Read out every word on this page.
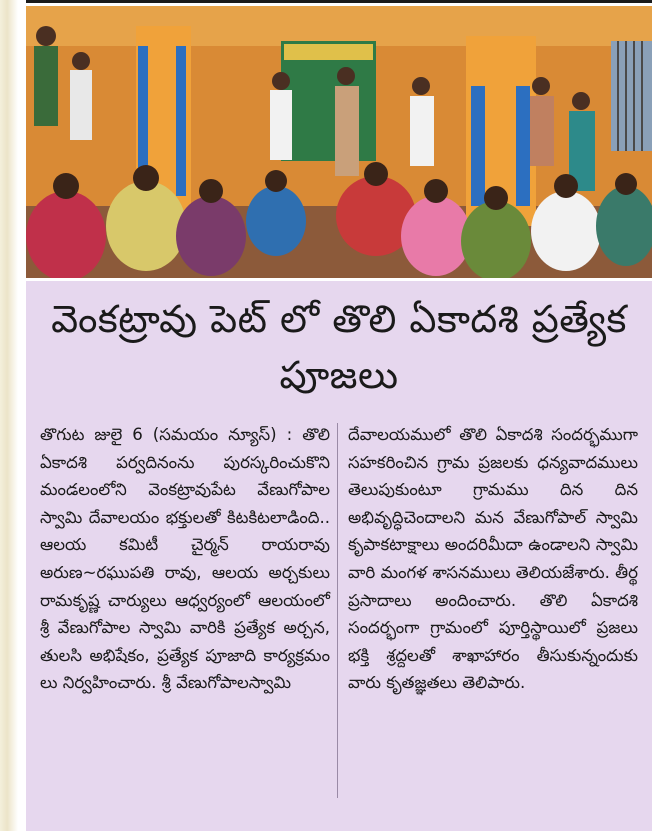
వెంకట్రావు పెట్ లో తొలి ఏకాదశి ప్రత్యేక
పూజలు
తొగుట జులై 6 (సమయం న్యూస్) : తొలి ఏకాదశి పర్వదినంను పురస్కరించుకొని మండలంలోని వెంకట్రావుపేట వేణుగోపాల స్వామి దేవాలయం భక్తులతో కిటకిటలాడింది.. ఆలయ కమిటీ చైర్మన్ రాయరావు అరుణ~రఘుపతి రావు, ఆలయ అర్చకులు రామకృష్ణ చార్యులు ఆధ్వర్యంలో ఆలయంలో శ్రీ వేణుగోపాల స్వామి వారికి ప్రత్యేక అర్చన, తులసి అభిషేకం, ప్రత్యేక పూజాది కార్యక్రమం లు నిర్వహించారు. శ్రీ వేణుగోపాలస్వామి
దేవాలయములో తొలి ఏకాదశి సందర్భముగా సహకరించిన గ్రామ ప్రజలకు ధన్యవాదములు తెలుపుకుంటూ గ్రామము దిన దిన అభివృద్ధిచెందాలని మన వేణుగోపాల్ స్వామి కృపాకటాక్షాలు అందరిమీదా ఉండాలని స్వామి వారి మంగళ శాసనములు తెలియజేశారు. తీర్థ ప్రసాదాలు అందించారు. తొలి ఏకాదశి సందర్భంగా గ్రామంలో పూర్తిస్థాయిలో ప్రజలు భక్తి శ్రద్దలతో శాఖాహారం తీసుకున్నందుకు వారు కృతజ్ఞతలు తెలిపారు.
